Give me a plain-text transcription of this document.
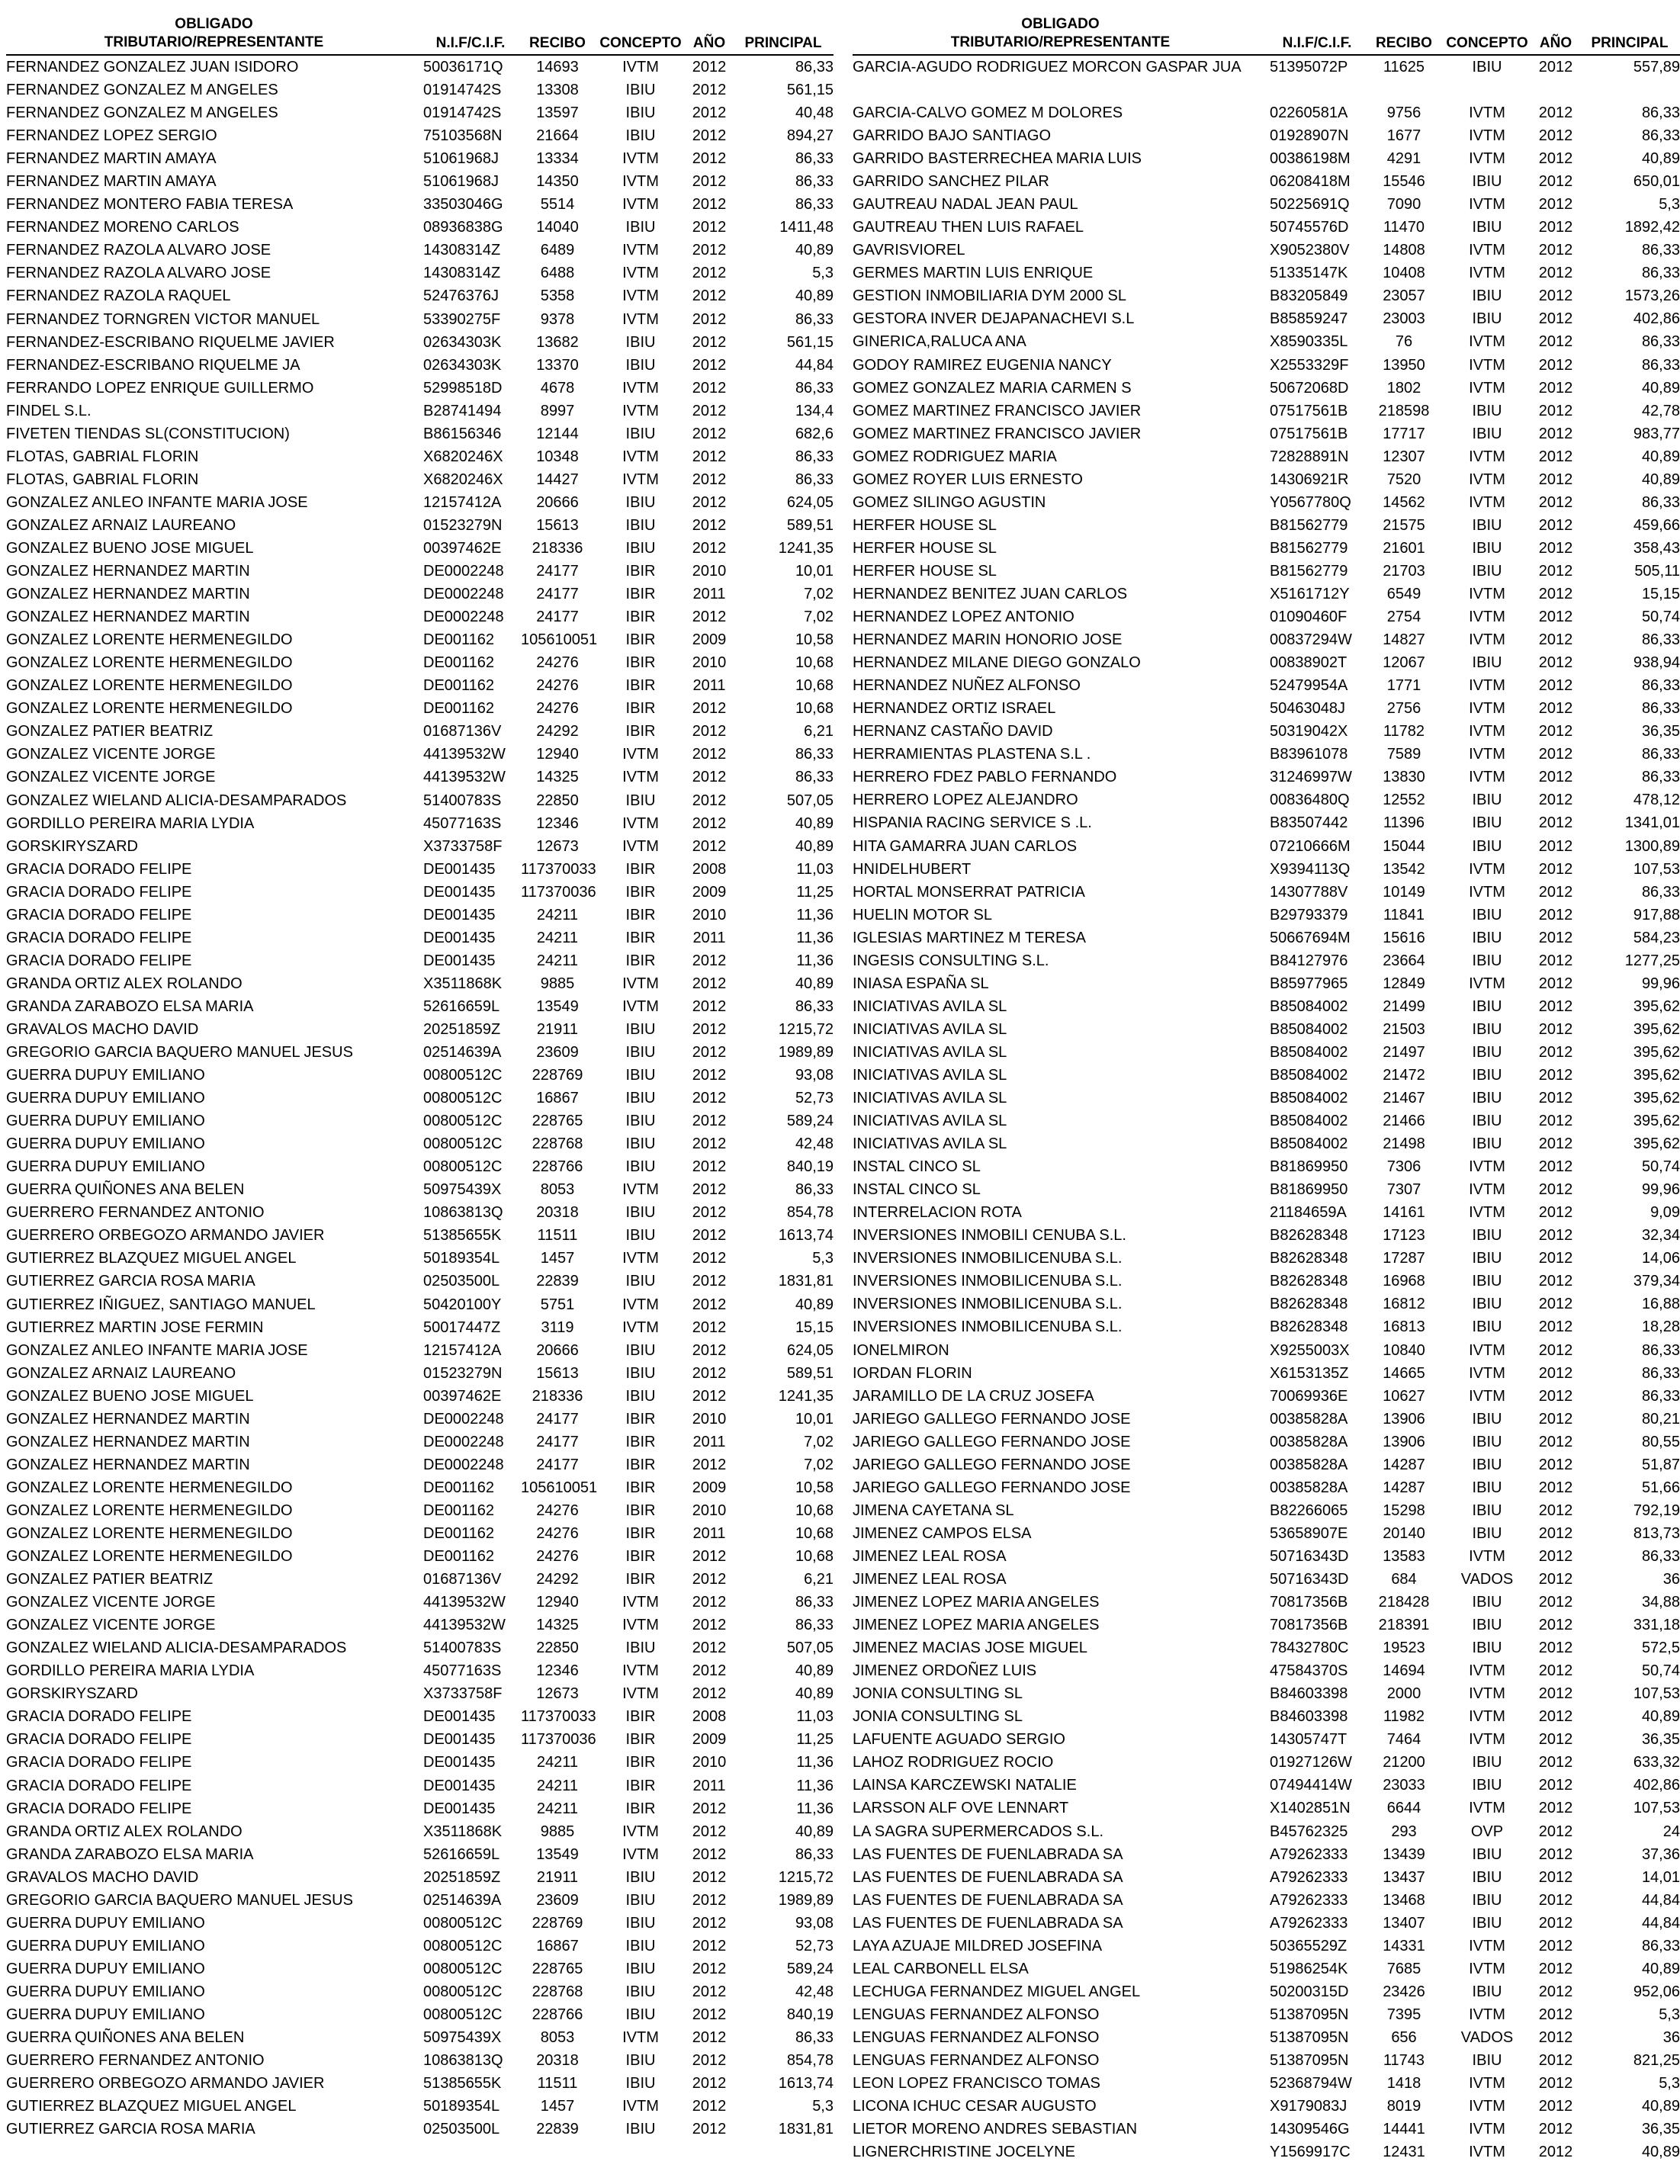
OBLIGADO
TRIBUTARIO/REPRESENTANTE	N.I.F/C.I.F.	RECIBO	CONCEPTO	AÑO	PRINCIPAL
FERNANDEZ GONZALEZ JUAN ISIDORO	50036171Q	14693	IVTM	2012	86,33
FERNANDEZ GONZALEZ M ANGELES	01914742S	13308	IBIU	2012	561,15
FERNANDEZ GONZALEZ M ANGELES	01914742S	13597	IBIU	2012	40,48
FERNANDEZ LOPEZ SERGIO	75103568N	21664	IBIU	2012	894,27
FERNANDEZ MARTIN AMAYA	51061968J	13334	IVTM	2012	86,33
FERNANDEZ MARTIN AMAYA	51061968J	14350	IVTM	2012	86,33
FERNANDEZ MONTERO FABIA TERESA	33503046G	5514	IVTM	2012	86,33
FERNANDEZ MORENO CARLOS	08936838G	14040	IBIU	2012	1411,48
FERNANDEZ RAZOLA ALVARO JOSE	14308314Z	6489	IVTM	2012	40,89
FERNANDEZ RAZOLA ALVARO JOSE	14308314Z	6488	IVTM	2012	5,3
FERNANDEZ RAZOLA RAQUEL	52476376J	5358	IVTM	2012	40,89
FERNANDEZ TORNGREN VICTOR MANUEL	53390275F	9378	IVTM	2012	86,33
FERNANDEZ-ESCRIBANO RIQUELME JAVIER	02634303K	13682	IBIU	2012	561,15
FERNANDEZ-ESCRIBANO RIQUELME JA	02634303K	13370	IBIU	2012	44,84
FERRANDO LOPEZ ENRIQUE GUILLERMO	52998518D	4678	IVTM	2012	86,33
FINDEL S.L.	B28741494	8997	IVTM	2012	134,4
FIVETEN TIENDAS SL(CONSTITUCION)	B86156346	12144	IBIU	2012	682,6
FLOTAS, GABRIAL FLORIN	X6820246X	10348	IVTM	2012	86,33
FLOTAS, GABRIAL FLORIN	X6820246X	14427	IVTM	2012	86,33
GONZALEZ ANLEO INFANTE MARIA JOSE	12157412A	20666	IBIU	2012	624,05
GONZALEZ ARNAIZ LAUREANO	01523279N	15613	IBIU	2012	589,51
GONZALEZ BUENO JOSE MIGUEL	00397462E	218336	IBIU	2012	1241,35
GONZALEZ HERNANDEZ MARTIN	DE0002248	24177	IBIR	2010	10,01
GONZALEZ HERNANDEZ MARTIN	DE0002248	24177	IBIR	2011	7,02
GONZALEZ HERNANDEZ MARTIN	DE0002248	24177	IBIR	2012	7,02
GONZALEZ LORENTE HERMENEGILDO	DE001162	105610051	IBIR	2009	10,58
GONZALEZ LORENTE HERMENEGILDO	DE001162	24276	IBIR	2010	10,68
GONZALEZ LORENTE HERMENEGILDO	DE001162	24276	IBIR	2011	10,68
GONZALEZ LORENTE HERMENEGILDO	DE001162	24276	IBIR	2012	10,68
GONZALEZ PATIER BEATRIZ	01687136V	24292	IBIR	2012	6,21
GONZALEZ VICENTE JORGE	44139532W	12940	IVTM	2012	86,33
GONZALEZ VICENTE JORGE	44139532W	14325	IVTM	2012	86,33
GONZALEZ WIELAND ALICIA-DESAMPARADOS	51400783S	22850	IBIU	2012	507,05
GORDILLO PEREIRA MARIA LYDIA	45077163S	12346	IVTM	2012	40,89
GORSKIRYSZARD	X3733758F	12673	IVTM	2012	40,89
GRACIA DORADO FELIPE	DE001435	117370033	IBIR	2008	11,03
GRACIA DORADO FELIPE	DE001435	117370036	IBIR	2009	11,25
GRACIA DORADO FELIPE	DE001435	24211	IBIR	2010	11,36
GRACIA DORADO FELIPE	DE001435	24211	IBIR	2011	11,36
GRACIA DORADO FELIPE	DE001435	24211	IBIR	2012	11,36
GRANDA ORTIZ ALEX ROLANDO	X3511868K	9885	IVTM	2012	40,89
GRANDA ZARABOZO ELSA MARIA	52616659L	13549	IVTM	2012	86,33
GRAVALOS MACHO DAVID	20251859Z	21911	IBIU	2012	1215,72
GREGORIO GARCIA BAQUERO MANUEL JESUS	02514639A	23609	IBIU	2012	1989,89
GUERRA DUPUY EMILIANO	00800512C	228769	IBIU	2012	93,08
GUERRA DUPUY EMILIANO	00800512C	16867	IBIU	2012	52,73
GUERRA DUPUY EMILIANO	00800512C	228765	IBIU	2012	589,24
GUERRA DUPUY EMILIANO	00800512C	228768	IBIU	2012	42,48
GUERRA DUPUY EMILIANO	00800512C	228766	IBIU	2012	840,19
GUERRA QUIÑONES ANA BELEN	50975439X	8053	IVTM	2012	86,33
GUERRERO FERNANDEZ ANTONIO	10863813Q	20318	IBIU	2012	854,78
GUERRERO ORBEGOZO ARMANDO JAVIER	51385655K	11511	IBIU	2012	1613,74
GUTIERREZ BLAZQUEZ MIGUEL ANGEL	50189354L	1457	IVTM	2012	5,3
GUTIERREZ GARCIA ROSA MARIA	02503500L	22839	IBIU	2012	1831,81
GUTIERREZ IÑIGUEZ, SANTIAGO MANUEL	50420100Y	5751	IVTM	2012	40,89
GUTIERREZ MARTIN JOSE FERMIN	50017447Z	3119	IVTM	2012	15,15
GONZALEZ ANLEO INFANTE MARIA JOSE	12157412A	20666	IBIU	2012	624,05
GONZALEZ ARNAIZ LAUREANO	01523279N	15613	IBIU	2012	589,51
GONZALEZ BUENO JOSE MIGUEL	00397462E	218336	IBIU	2012	1241,35
GONZALEZ HERNANDEZ MARTIN	DE0002248	24177	IBIR	2010	10,01
GONZALEZ HERNANDEZ MARTIN	DE0002248	24177	IBIR	2011	7,02
GONZALEZ HERNANDEZ MARTIN	DE0002248	24177	IBIR	2012	7,02
GONZALEZ LORENTE HERMENEGILDO	DE001162	105610051	IBIR	2009	10,58
GONZALEZ LORENTE HERMENEGILDO	DE001162	24276	IBIR	2010	10,68
GONZALEZ LORENTE HERMENEGILDO	DE001162	24276	IBIR	2011	10,68
GONZALEZ LORENTE HERMENEGILDO	DE001162	24276	IBIR	2012	10,68
GONZALEZ PATIER BEATRIZ	01687136V	24292	IBIR	2012	6,21
GONZALEZ VICENTE JORGE	44139532W	12940	IVTM	2012	86,33
GONZALEZ VICENTE JORGE	44139532W	14325	IVTM	2012	86,33
GONZALEZ WIELAND ALICIA-DESAMPARADOS	51400783S	22850	IBIU	2012	507,05
GORDILLO PEREIRA MARIA LYDIA	45077163S	12346	IVTM	2012	40,89
GORSKIRYSZARD	X3733758F	12673	IVTM	2012	40,89
GRACIA DORADO FELIPE	DE001435	117370033	IBIR	2008	11,03
GRACIA DORADO FELIPE	DE001435	117370036	IBIR	2009	11,25
GRACIA DORADO FELIPE	DE001435	24211	IBIR	2010	11,36
GRACIA DORADO FELIPE	DE001435	24211	IBIR	2011	11,36
GRACIA DORADO FELIPE	DE001435	24211	IBIR	2012	11,36
GRANDA ORTIZ ALEX ROLANDO	X3511868K	9885	IVTM	2012	40,89
GRANDA ZARABOZO ELSA MARIA	52616659L	13549	IVTM	2012	86,33
GRAVALOS MACHO DAVID	20251859Z	21911	IBIU	2012	1215,72
GREGORIO GARCIA BAQUERO MANUEL JESUS	02514639A	23609	IBIU	2012	1989,89
GUERRA DUPUY EMILIANO	00800512C	228769	IBIU	2012	93,08
GUERRA DUPUY EMILIANO	00800512C	16867	IBIU	2012	52,73
GUERRA DUPUY EMILIANO	00800512C	228765	IBIU	2012	589,24
GUERRA DUPUY EMILIANO	00800512C	228768	IBIU	2012	42,48
GUERRA DUPUY EMILIANO	00800512C	228766	IBIU	2012	840,19
GUERRA QUIÑONES ANA BELEN	50975439X	8053	IVTM	2012	86,33
GUERRERO FERNANDEZ ANTONIO	10863813Q	20318	IBIU	2012	854,78
GUERRERO ORBEGOZO ARMANDO JAVIER	51385655K	11511	IBIU	2012	1613,74
GUTIERREZ BLAZQUEZ MIGUEL ANGEL	50189354L	1457	IVTM	2012	5,3
GUTIERREZ GARCIA ROSA MARIA	02503500L	22839	IBIU	2012	1831,81
OBLIGADO
TRIBUTARIO/REPRESENTANTE	N.I.F/C.I.F.	RECIBO	CONCEPTO	AÑO	PRINCIPAL
GARCIA-AGUDO RODRIGUEZ MORCON GASPAR JUA	51395072P	11625	IBIU	2012	557,89
GARCIA-CALVO GOMEZ M DOLORES	02260581A	9756	IVTM	2012	86,33
GARRIDO BAJO SANTIAGO	01928907N	1677	IVTM	2012	86,33
GARRIDO BASTERRECHEA MARIA LUIS	00386198M	4291	IVTM	2012	40,89
GARRIDO SANCHEZ PILAR	06208418M	15546	IBIU	2012	650,01
GAUTREAU NADAL JEAN PAUL	50225691Q	7090	IVTM	2012	5,3
GAUTREAU THEN LUIS RAFAEL	50745576D	11470	IBIU	2012	1892,42
GAVRISVIOREL	X9052380V	14808	IVTM	2012	86,33
GERMES MARTIN LUIS ENRIQUE	51335147K	10408	IVTM	2012	86,33
GESTION INMOBILIARIA DYM 2000 SL	B83205849	23057	IBIU	2012	1573,26
GESTORA INVER DEJAPANACHEVI S.L	B85859247	23003	IBIU	2012	402,86
GINERICA,RALUCA ANA	X8590335L	76	IVTM	2012	86,33
GODOY RAMIREZ EUGENIA NANCY	X2553329F	13950	IVTM	2012	86,33
GOMEZ GONZALEZ MARIA CARMEN S	50672068D	1802	IVTM	2012	40,89
GOMEZ MARTINEZ FRANCISCO JAVIER	07517561B	218598	IBIU	2012	42,78
GOMEZ MARTINEZ FRANCISCO JAVIER	07517561B	17717	IBIU	2012	983,77
GOMEZ RODRIGUEZ MARIA	72828891N	12307	IVTM	2012	40,89
GOMEZ ROYER LUIS ERNESTO	14306921R	7520	IVTM	2012	40,89
GOMEZ SILINGO AGUSTIN	Y0567780Q	14562	IVTM	2012	86,33
HERFER HOUSE SL	B81562779	21575	IBIU	2012	459,66
HERFER HOUSE SL	B81562779	21601	IBIU	2012	358,43
HERFER HOUSE SL	B81562779	21703	IBIU	2012	505,11
HERNANDEZ BENITEZ JUAN CARLOS	X5161712Y	6549	IVTM	2012	15,15
HERNANDEZ LOPEZ ANTONIO	01090460F	2754	IVTM	2012	50,74
HERNANDEZ MARIN HONORIO JOSE	00837294W	14827	IVTM	2012	86,33
HERNANDEZ MILANE DIEGO GONZALO	00838902T	12067	IBIU	2012	938,94
HERNANDEZ NUÑEZ ALFONSO	52479954A	1771	IVTM	2012	86,33
HERNANDEZ ORTIZ ISRAEL	50463048J	2756	IVTM	2012	86,33
HERNANZ CASTAÑO DAVID	50319042X	11782	IVTM	2012	36,35
HERRAMIENTAS PLASTENA S.L .	B83961078	7589	IVTM	2012	86,33
HERRERO FDEZ PABLO FERNANDO	31246997W	13830	IVTM	2012	86,33
HERRERO LOPEZ ALEJANDRO	00836480Q	12552	IBIU	2012	478,12
HISPANIA RACING SERVICE S .L.	B83507442	11396	IBIU	2012	1341,01
HITA GAMARRA JUAN CARLOS	07210666M	15044	IBIU	2012	1300,89
HNIDELHUBERT	X9394113Q	13542	IVTM	2012	107,53
HORTAL MONSERRAT PATRICIA	14307788V	10149	IVTM	2012	86,33
HUELIN MOTOR SL	B29793379	11841	IBIU	2012	917,88
IGLESIAS MARTINEZ M TERESA	50667694M	15616	IBIU	2012	584,23
INGESIS CONSULTING S.L.	B84127976	23664	IBIU	2012	1277,25
INIASA ESPAÑA SL	B85977965	12849	IVTM	2012	99,96
INICIATIVAS AVILA SL	B85084002	21499	IBIU	2012	395,62
INICIATIVAS AVILA SL	B85084002	21503	IBIU	2012	395,62
INICIATIVAS AVILA SL	B85084002	21497	IBIU	2012	395,62
INICIATIVAS AVILA SL	B85084002	21472	IBIU	2012	395,62
INICIATIVAS AVILA SL	B85084002	21467	IBIU	2012	395,62
INICIATIVAS AVILA SL	B85084002	21466	IBIU	2012	395,62
INICIATIVAS AVILA SL	B85084002	21498	IBIU	2012	395,62
INSTAL CINCO SL	B81869950	7306	IVTM	2012	50,74
INSTAL CINCO SL	B81869950	7307	IVTM	2012	99,96
INTERRELACION ROTA	21184659A	14161	IVTM	2012	9,09
INVERSIONES INMOBILI CENUBA S.L.	B82628348	17123	IBIU	2012	32,34
INVERSIONES INMOBILICENUBA S.L.	B82628348	17287	IBIU	2012	14,06
INVERSIONES INMOBILICENUBA S.L.	B82628348	16968	IBIU	2012	379,34
INVERSIONES INMOBILICENUBA S.L.	B82628348	16812	IBIU	2012	16,88
INVERSIONES INMOBILICENUBA S.L.	B82628348	16813	IBIU	2012	18,28
IONELMIRON	X9255003X	10840	IVTM	2012	86,33
IORDAN FLORIN	X6153135Z	14665	IVTM	2012	86,33
JARAMILLO DE LA CRUZ JOSEFA	70069936E	10627	IVTM	2012	86,33
JARIEGO GALLEGO FERNANDO JOSE	00385828A	13906	IBIU	2012	80,21
JARIEGO GALLEGO FERNANDO JOSE	00385828A	13906	IBIU	2012	80,55
JARIEGO GALLEGO FERNANDO JOSE	00385828A	14287	IBIU	2012	51,87
JARIEGO GALLEGO FERNANDO JOSE	00385828A	14287	IBIU	2012	51,66
JIMENA CAYETANA SL	B82266065	15298	IBIU	2012	792,19
JIMENEZ CAMPOS ELSA	53658907E	20140	IBIU	2012	813,73
JIMENEZ LEAL ROSA	50716343D	13583	IVTM	2012	86,33
JIMENEZ LEAL ROSA	50716343D	684	VADOS	2012	36
JIMENEZ LOPEZ MARIA ANGELES	70817356B	218428	IBIU	2012	34,88
JIMENEZ LOPEZ MARIA ANGELES	70817356B	218391	IBIU	2012	331,18
JIMENEZ MACIAS JOSE MIGUEL	78432780C	19523	IBIU	2012	572,5
JIMENEZ ORDOÑEZ LUIS	47584370S	14694	IVTM	2012	50,74
JONIA CONSULTING SL	B84603398	2000	IVTM	2012	107,53
JONIA CONSULTING SL	B84603398	11982	IVTM	2012	40,89
LAFUENTE AGUADO SERGIO	14305747T	7464	IVTM	2012	36,35
LAHOZ RODRIGUEZ ROCIO	01927126W	21200	IBIU	2012	633,32
LAINSA KARCZEWSKI NATALIE	07494414W	23033	IBIU	2012	402,86
LARSSON ALF OVE LENNART	X1402851N	6644	IVTM	2012	107,53
LA SAGRA SUPERMERCADOS S.L.	B45762325	293	OVP	2012	24
LAS FUENTES DE FUENLABRADA SA	A79262333	13439	IBIU	2012	37,36
LAS FUENTES DE FUENLABRADA SA	A79262333	13437	IBIU	2012	14,01
LAS FUENTES DE FUENLABRADA SA	A79262333	13468	IBIU	2012	44,84
LAS FUENTES DE FUENLABRADA SA	A79262333	13407	IBIU	2012	44,84
LAYA AZUAJE MILDRED JOSEFINA	50365529Z	14331	IVTM	2012	86,33
LEAL CARBONELL ELSA	51986254K	7685	IVTM	2012	40,89
LECHUGA FERNANDEZ MIGUEL ANGEL	50200315D	23426	IBIU	2012	952,06
LENGUAS FERNANDEZ ALFONSO	51387095N	7395	IVTM	2012	5,3
LENGUAS FERNANDEZ ALFONSO	51387095N	656	VADOS	2012	36
LENGUAS FERNANDEZ ALFONSO	51387095N	11743	IBIU	2012	821,25
LEON LOPEZ FRANCISCO TOMAS	52368794W	1418	IVTM	2012	5,3
LICONA ICHUC CESAR AUGUSTO	X9179083J	8019	IVTM	2012	40,89
LIETOR MORENO ANDRES SEBASTIAN	14309546G	14441	IVTM	2012	36,35
LIGNERCHRISTINE JOCELYNE	Y1569917C	12431	IVTM	2012	40,89
